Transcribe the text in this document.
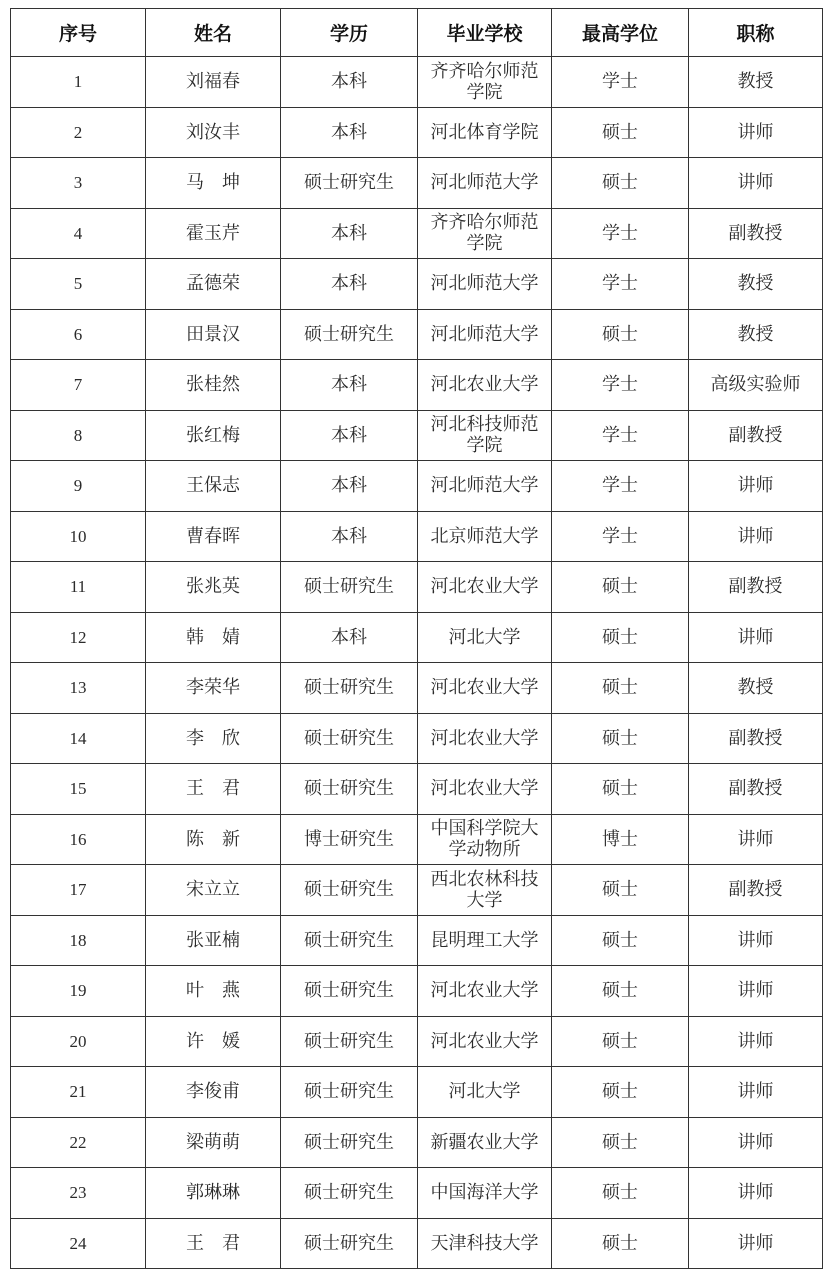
序号	姓名	学历	毕业学校	最高学位	职称
1	刘福春	本科	齐齐哈尔师范学院	学士	教授
2	刘汝丰	本科	河北体育学院	硕士	讲师
3	马　坤	硕士研究生	河北师范大学	硕士	讲师
4	霍玉芹	本科	齐齐哈尔师范学院	学士	副教授
5	孟德荣	本科	河北师范大学	学士	教授
6	田景汉	硕士研究生	河北师范大学	硕士	教授
7	张桂然	本科	河北农业大学	学士	高级实验师
8	张红梅	本科	河北科技师范学院	学士	副教授
9	王保志	本科	河北师范大学	学士	讲师
10	曹春晖	本科	北京师范大学	学士	讲师
11	张兆英	硕士研究生	河北农业大学	硕士	副教授
12	韩　婧	本科	河北大学	硕士	讲师
13	李荣华	硕士研究生	河北农业大学	硕士	教授
14	李　欣	硕士研究生	河北农业大学	硕士	副教授
15	王　君	硕士研究生	河北农业大学	硕士	副教授
16	陈　新	博士研究生	中国科学院大学动物所	博士	讲师
17	宋立立	硕士研究生	西北农林科技大学	硕士	副教授
18	张亚楠	硕士研究生	昆明理工大学	硕士	讲师
19	叶　燕	硕士研究生	河北农业大学	硕士	讲师
20	许　媛	硕士研究生	河北农业大学	硕士	讲师
21	李俊甫	硕士研究生	河北大学	硕士	讲师
22	梁萌萌	硕士研究生	新疆农业大学	硕士	讲师
23	郭琳琳	硕士研究生	中国海洋大学	硕士	讲师
24	王　君	硕士研究生	天津科技大学	硕士	讲师
